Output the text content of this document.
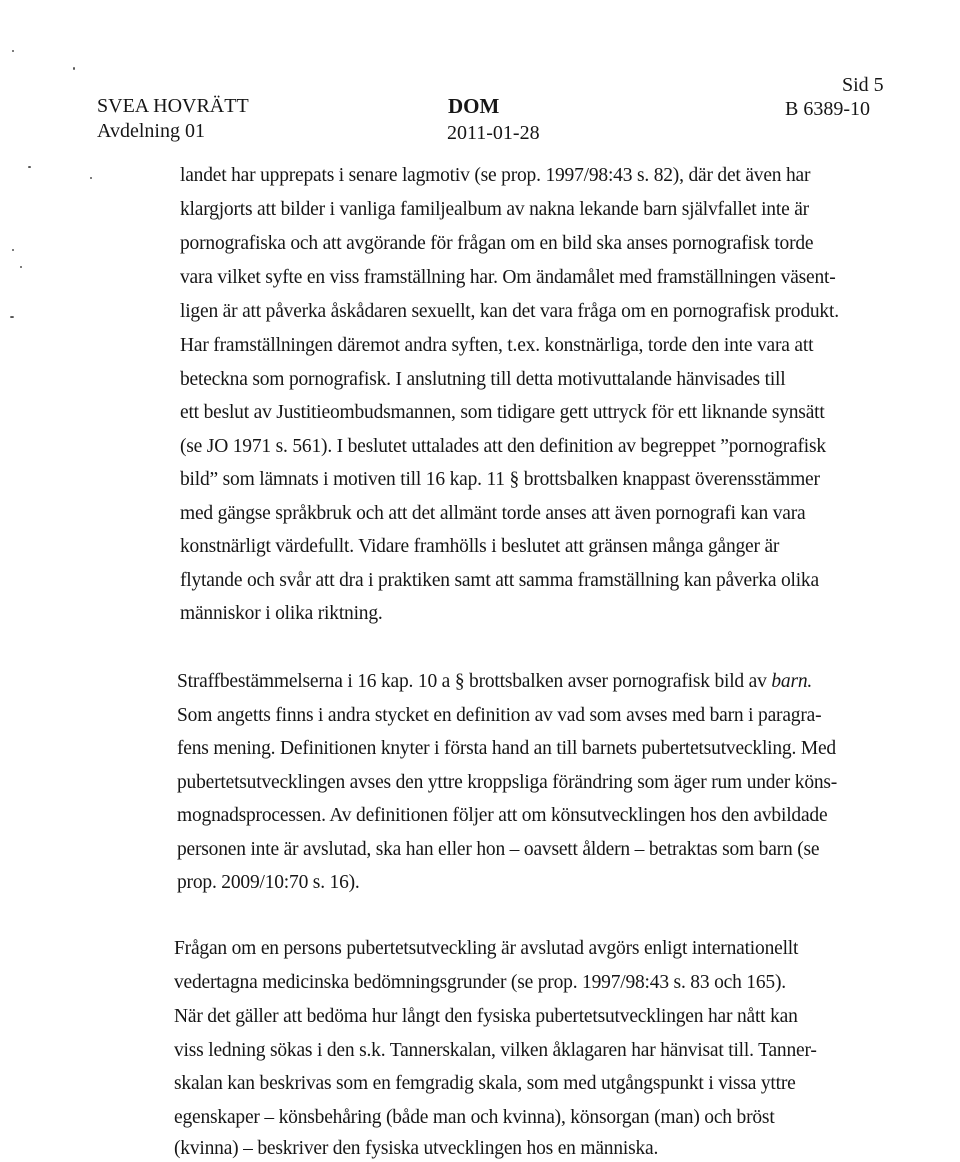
SVEA HOVRÄTT
Avdelning 01
DOM
2011-01-28
Sid 5
B 6389-10
landet har upprepats i senare lagmotiv (se prop. 1997/98:43 s. 82), där det även har
klargjorts att bilder i vanliga familjealbum av nakna lekande barn självfallet inte är
pornografiska och att avgörande för frågan om en bild ska anses pornografisk torde
vara vilket syfte en viss framställning har. Om ändamålet med framställningen väsent-
ligen är att påverka åskådaren sexuellt, kan det vara fråga om en pornografisk produkt.
Har framställningen däremot andra syften, t.ex. konstnärliga, torde den inte vara att
beteckna som pornografisk. I anslutning till detta motivuttalande hänvisades till
ett beslut av Justitieombudsmannen, som tidigare gett uttryck för ett liknande synsätt
(se JO 1971 s. 561). I beslutet uttalades att den definition av begreppet ”pornografisk
bild” som lämnats i motiven till 16 kap. 11 § brottsbalken knappast överensstämmer
med gängse språkbruk och att det allmänt torde anses att även pornografi kan vara
konstnärligt värdefullt. Vidare framhölls i beslutet att gränsen många gånger är
flytande och svår att dra i praktiken samt att samma framställning kan påverka olika
människor i olika riktning.
Straffbestämmelserna i 16 kap. 10 a § brottsbalken avser pornografisk bild av barn.
Som angetts finns i andra stycket en definition av vad som avses med barn i paragra-
fens mening. Definitionen knyter i första hand an till barnets pubertetsutveckling. Med
pubertetsutvecklingen avses den yttre kroppsliga förändring som äger rum under köns-
mognadsprocessen. Av definitionen följer att om könsutvecklingen hos den avbildade
personen inte är avslutad, ska han eller hon – oavsett åldern – betraktas som barn (se
prop. 2009/10:70 s. 16).
Frågan om en persons pubertetsutveckling är avslutad avgörs enligt internationellt
vedertagna medicinska bedömningsgrunder (se prop. 1997/98:43 s. 83 och 165).
När det gäller att bedöma hur långt den fysiska pubertetsutvecklingen har nått kan
viss ledning sökas i den s.k. Tannerskalan, vilken åklagaren har hänvisat till. Tanner-
skalan kan beskrivas som en femgradig skala, som med utgångspunkt i vissa yttre
egenskaper – könsbehåring (både man och kvinna), könsorgan (man) och bröst
(kvinna) – beskriver den fysiska utvecklingen hos en människa.
